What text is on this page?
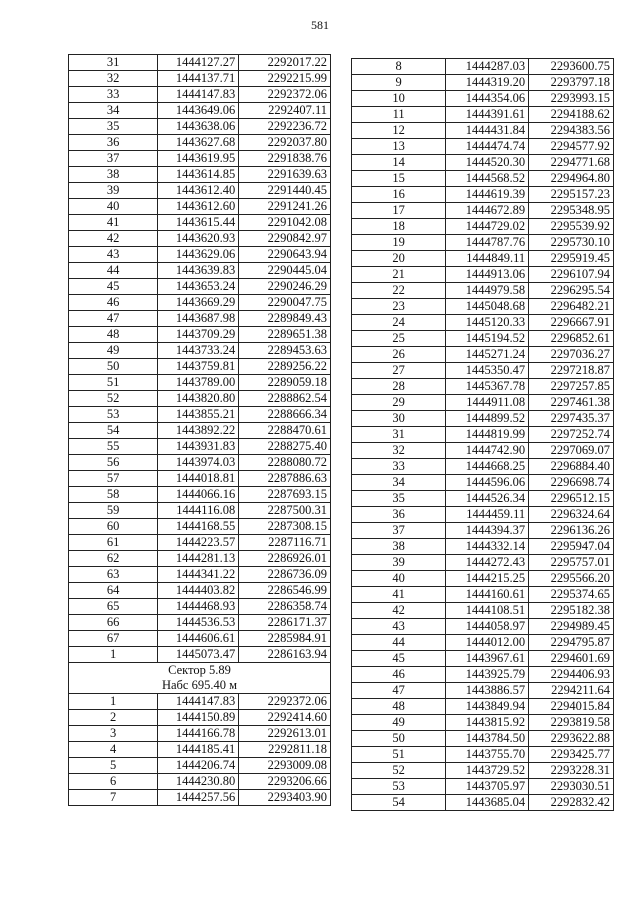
581
31	1444127.27	2292017.22
32	1444137.71	2292215.99
33	1444147.83	2292372.06
34	1443649.06	2292407.11
35	1443638.06	2292236.72
36	1443627.68	2292037.80
37	1443619.95	2291838.76
38	1443614.85	2291639.63
39	1443612.40	2291440.45
40	1443612.60	2291241.26
41	1443615.44	2291042.08
42	1443620.93	2290842.97
43	1443629.06	2290643.94
44	1443639.83	2290445.04
45	1443653.24	2290246.29
46	1443669.29	2290047.75
47	1443687.98	2289849.43
48	1443709.29	2289651.38
49	1443733.24	2289453.63
50	1443759.81	2289256.22
51	1443789.00	2289059.18
52	1443820.80	2288862.54
53	1443855.21	2288666.34
54	1443892.22	2288470.61
55	1443931.83	2288275.40
56	1443974.03	2288080.72
57	1444018.81	2287886.63
58	1444066.16	2287693.15
59	1444116.08	2287500.31
60	1444168.55	2287308.15
61	1444223.57	2287116.71
62	1444281.13	2286926.01
63	1444341.22	2286736.09
64	1444403.82	2286546.99
65	1444468.93	2286358.74
66	1444536.53	2286171.37
67	1444606.61	2285984.91
1	1445073.47	2286163.94

Сектор 5.89
Набс 695.40 м		

1	1444147.83	2292372.06
2	1444150.89	2292414.60
3	1444166.78	2292613.01
4	1444185.41	2292811.18
5	1444206.74	2293009.08
6	1444230.80	2293206.66
7	1444257.56	2293403.90
8	1444287.03	2293600.75
9	1444319.20	2293797.18
10	1444354.06	2293993.15
11	1444391.61	2294188.62
12	1444431.84	2294383.56
13	1444474.74	2294577.92
14	1444520.30	2294771.68
15	1444568.52	2294964.80
16	1444619.39	2295157.23
17	1444672.89	2295348.95
18	1444729.02	2295539.92
19	1444787.76	2295730.10
20	1444849.11	2295919.45
21	1444913.06	2296107.94
22	1444979.58	2296295.54
23	1445048.68	2296482.21
24	1445120.33	2296667.91
25	1445194.52	2296852.61
26	1445271.24	2297036.27
27	1445350.47	2297218.87
28	1445367.78	2297257.85
29	1444911.08	2297461.38
30	1444899.52	2297435.37
31	1444819.99	2297252.74
32	1444742.90	2297069.07
33	1444668.25	2296884.40
34	1444596.06	2296698.74
35	1444526.34	2296512.15
36	1444459.11	2296324.64
37	1444394.37	2296136.26
38	1444332.14	2295947.04
39	1444272.43	2295757.01
40	1444215.25	2295566.20
41	1444160.61	2295374.65
42	1444108.51	2295182.38
43	1444058.97	2294989.45
44	1444012.00	2294795.87
45	1443967.61	2294601.69
46	1443925.79	2294406.93
47	1443886.57	2294211.64
48	1443849.94	2294015.84
49	1443815.92	2293819.58
50	1443784.50	2293622.88
51	1443755.70	2293425.77
52	1443729.52	2293228.31
53	1443705.97	2293030.51
54	1443685.04	2292832.42
